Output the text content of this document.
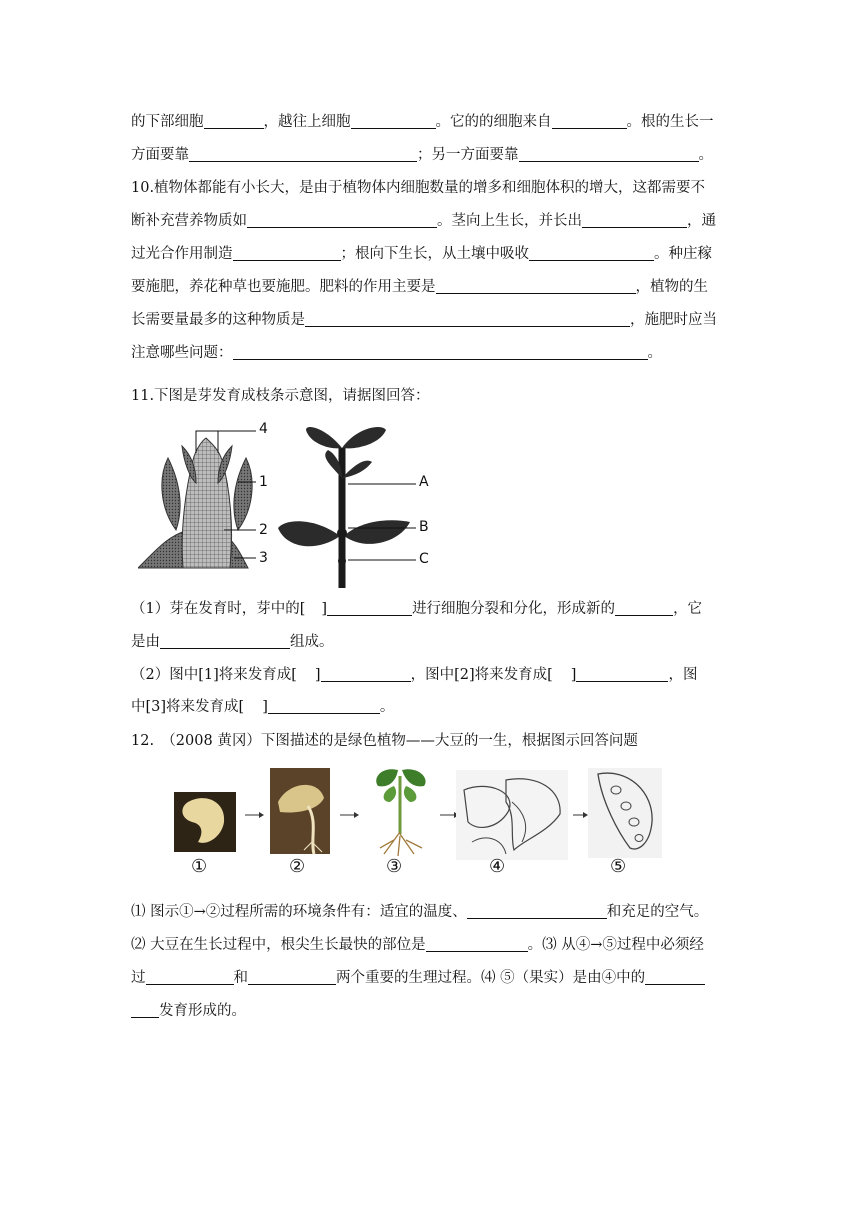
的下部细胞	，越往上细胞	。它的的细胞来自	。根的生长一
方面要靠	；另一方面要靠	。
10.植物体都能有小长大，是由于植物体内细胞数量的增多和细胞体积的增大，这都需要不
断补充营养物质如	。茎向上生长，并长出	，通
过光合作用制造	；根向下生长，从土壤中吸收	。种庄稼
要施肥，养花种草也要施肥。肥料的作用主要是	，植物的生
长需要量最多的这种物质是	，施肥时应当
注意哪些问题：	。
11.下图是芽发育成枝条示意图，请据图回答：
4
1
2
3
A
B
C
（1）芽在发育时，芽中的[ ]	进行细胞分裂和分化，形成新的	，它
是由	组成。
（2）图中[1]将来发育成[ ]	，图中[2]将来发育成[ ]	，图
中[3]将来发育成[ ]	。
12.　（2008 黄冈）下图描述的是绿色植物——大豆的一生，根据图示回答问题
①	②	③	④	⑤
⑴ 图示①→②过程所需的环境条件有：适宜的温度、	和充足的空气。
⑵ 大豆在生长过程中，根尖生长最快的部位是	。⑶ 从④→⑤过程中必须经
过	和	两个重要的生理过程。⑷ ⑤（果实）是由④中的
发育形成的。
